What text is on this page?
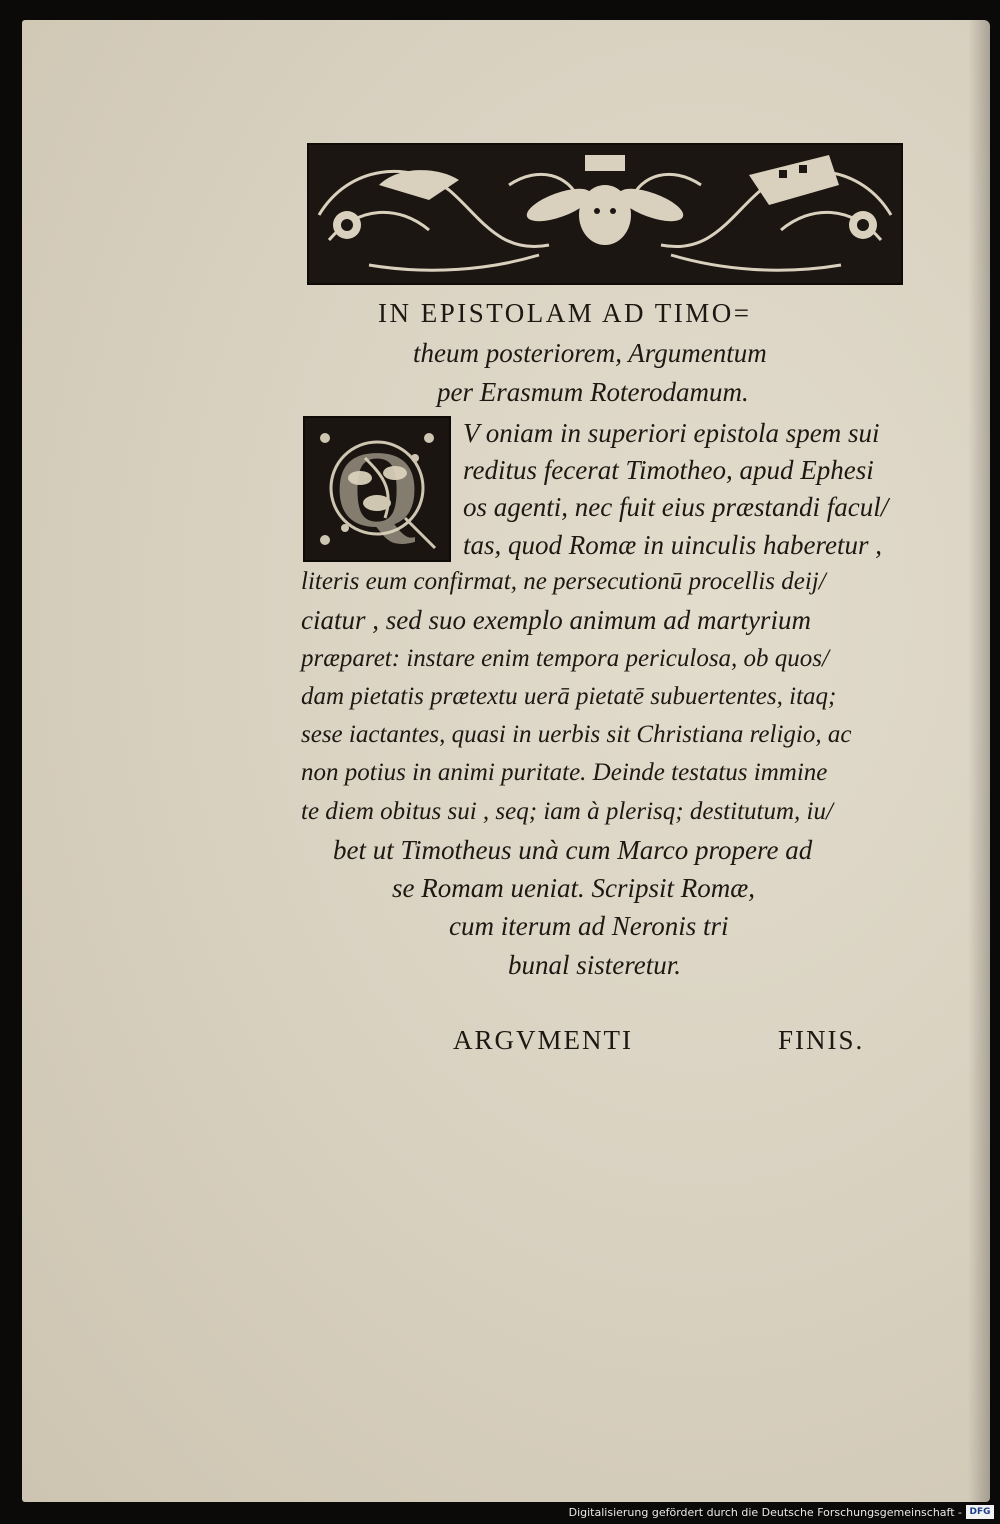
IN EPISTOLAM AD TIMO=
theum posteriorem, Argumentum
per Erasmum Roterodamum.
Q	V oniam in superiori epistola spem sui
reditus fecerat Timotheo, apud Ephesi
os agenti, nec fuit eius præstandi facul/
tas, quod Romæ in uinculis haberetur ,
literis eum confirmat, ne persecutionū procellis deij/
ciatur , sed suo exemplo animum ad martyrium
præparet: instare enim tempora periculosa, ob quos/
dam pietatis prætextu uerā pietatē subuertentes, itaq;
sese iactantes, quasi in uerbis sit Christiana religio, ac
non potius in animi puritate. Deinde testatus immine
te diem obitus sui , seq; iam à plerisq; destitutum, iu/
bet ut Timotheus unà cum Marco propere ad
se Romam ueniat. Scripsit Romæ,
cum iterum ad Neronis tri
bunal sisteretur.
ARGVMENTI	FINIS.
Digitalisierung gefördert durch die Deutsche Forschungsgemeinschaft - DFG
